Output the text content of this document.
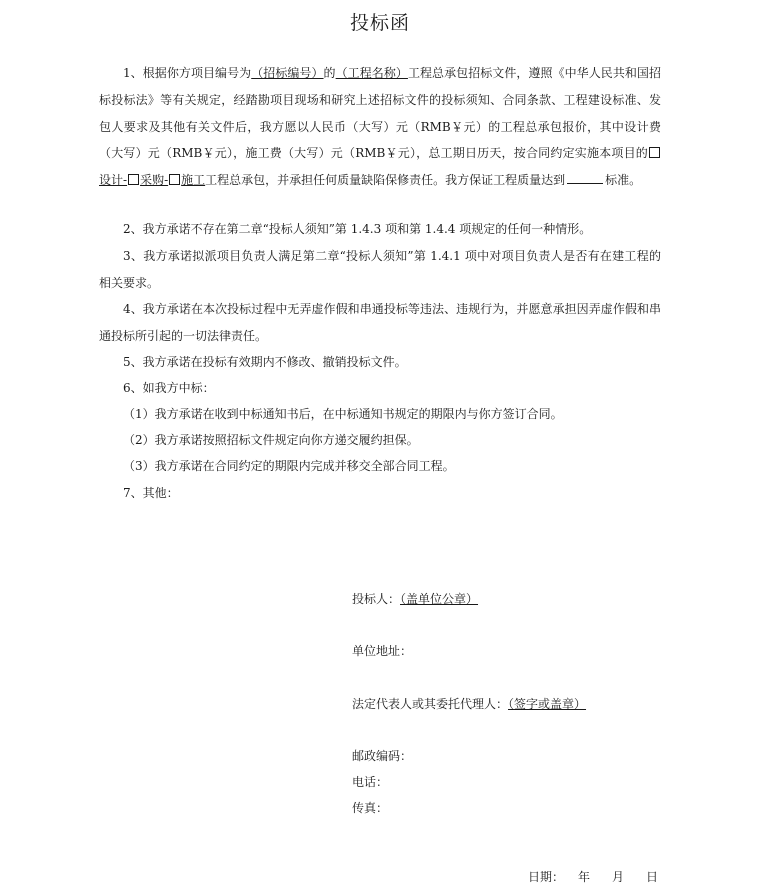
投标函

1、根据你方项目编号为（招标编号）的（工程名称）工程总承包招标文件，遵照《中华人民共和国招标投标法》等有关规定，经踏勘项目现场和研究上述招标文件的投标须知、合同条款、工程建设标准、发包人要求及其他有关文件后，我方愿以人民币（大写）元（RMB￥元）的工程总承包报价，其中设计费（大写）元（RMB￥元），施工费（大写）元（RMB￥元），总工期日历天，按合同约定实施本项目的设计- 采购- 施工工程总承包，并承担任何质量缺陷保修责任。我方保证工程质量达到	标准。

2、我方承诺不存在第二章“投标人须知”第 1.4.3 项和第 1.4.4 项规定的任何一种情形。

3、我方承诺拟派项目负责人满足第二章“投标人须知”第 1.4.1 项中对项目负责人是否有在建工程的相关要求。

4、我方承诺在本次投标过程中无弄虚作假和串通投标等违法、违规行为，并愿意承担因弄虚作假和串通投标所引起的一切法律责任。

5、我方承诺在投标有效期内不修改、撤销投标文件。

6、如我方中标：

（1）我方承诺在收到中标通知书后，在中标通知书规定的期限内与你方签订合同。

（2）我方承诺按照招标文件规定向你方递交履约担保。

（3）我方承诺在合同约定的期限内完成并移交全部合同工程。

7、其他：

投标人：（盖单位公章）
单位地址：
法定代表人或其委托代理人：（签字或盖章）
邮政编码：
电话：
传真：
日期： 年 月 日
